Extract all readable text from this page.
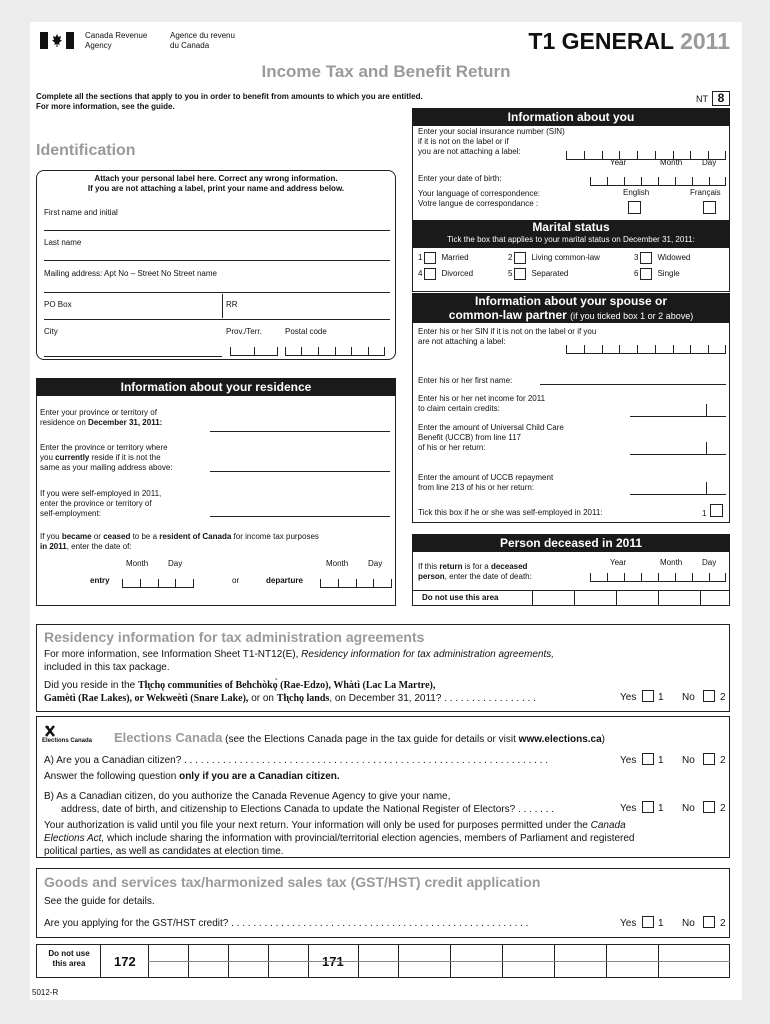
Canada Revenue
Agency
Agence du revenu
du Canada	T1 GENERAL 2011
Income Tax and Benefit Return
Complete all the sections that apply to you in order to benefit from amounts to which you are entitled.
For more information, see the guide.
NT 8
Identification
Attach your personal label here. Correct any wrong information.
If you are not attaching a label, print your name and address below.
First name and initial
Last name
Mailing address: Apt No – Street No Street name
PO Box	RR
City	Prov./Terr.	Postal code
Information about you
Enter your social insurance number (SIN)
if it is not on the label or if
you are not attaching a label:
Year	Month Day
Enter your date of birth:
Your language of correspondence:
Votre langue de correspondance :
English	Français
Marital status
Tick the box that applies to your marital status on December 31, 2011:
1 Married	2 Living common-law	3 Widowed
4 Divorced	5 Separated	6 Single
Information about your spouse or
common-law partner (if you ticked box 1 or 2 above)
Enter his or her SIN if it is not on the label or if you
are not attaching a label:
Enter his or her first name:
Enter his or her net income for 2011
to claim certain credits:
Enter the amount of Universal Child Care
Benefit (UCCB) from line 117
of his or her return:
Enter the amount of UCCB repayment
from line 213 of his or her return:
Tick this box if he or she was self-employed in 2011:	1
Information about your residence
Enter your province or territory of
residence on December 31, 2011:
Enter the province or territory where
you currently reside if it is not the
same as your mailing address above:
If you were self-employed in 2011,
enter the province or territory of
self-employment:
If you became or ceased to be a resident of Canada for income tax purposes
in 2011, enter the date of:
Month Day
entry	or	departure
Month Day
Person deceased in 2011
If this return is for a deceased
person, enter the date of death:
Year	Month Day
Do not use this area
Residency information for tax administration agreements
For more information, see Information Sheet T1-NT12(E), Residency information for tax administration agreements,
included in this tax package.
Did you reside in the Tłı̨chǫ communities of Behchòkǫ̀ (Rae-Edzo), Whàtì (Lac La Martre),
Gamètì (Rae Lakes), or Wekweètì (Snare Lake), or on Tłı̨chǫ lands, on December 31, 2011? . . . . . . . . . . . . . . . . .	Yes 1 No	2
Elections Canada Elections Canada (see the Elections Canada page in the tax guide for details or visit www.elections.ca)
A) Are you a Canadian citizen? . . . . . . . . . . . . . . . . . . . . . . . . . . . . . . . . . . . . . . . . . . . . . . . . . . . . . . . . . . . . . . . . . .	Yes 1 No	2
Answer the following question only if you are a Canadian citizen.
B) As a Canadian citizen, do you authorize the Canada Revenue Agency to give your name,
address, date of birth, and citizenship to Elections Canada to update the National Register of Electors? . . . . . . .	Yes 1 No	2
Your authorization is valid until you file your next return. Your information will only be used for purposes permitted under the Canada
Elections Act, which include sharing the information with provincial/territorial election agencies, members of Parliament and registered
political parties, as well as candidates at election time.
Goods and services tax/harmonized sales tax (GST/HST) credit application
See the guide for details.
Are you applying for the GST/HST credit? . . . . . . . . . . . . . . . . . . . . . . . . . . . . . . . . . . . . . . . . . . . . . . . . . . . . . .	Yes 1 No	2
Do not use
this area	172	171
5012-R
